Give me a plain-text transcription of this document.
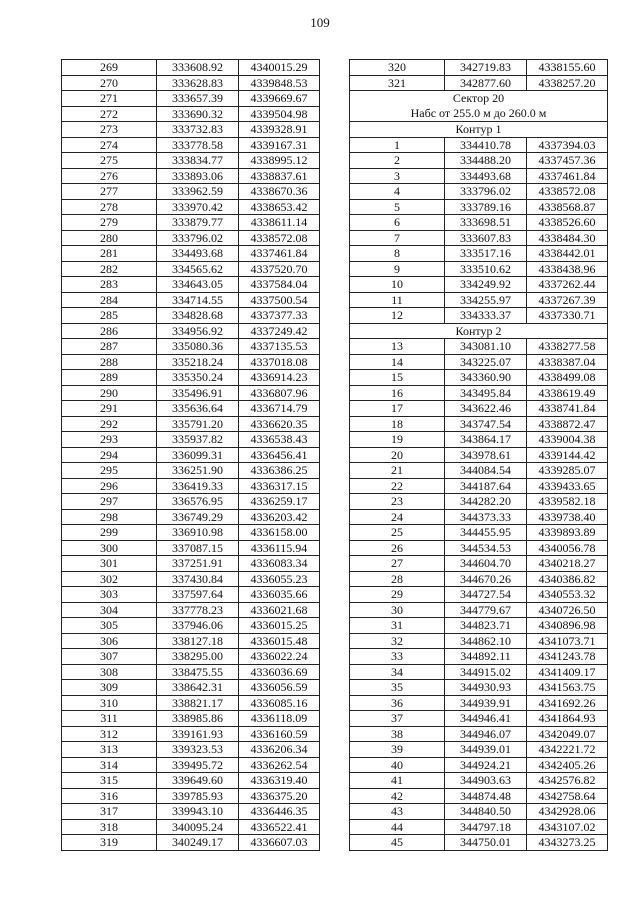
109
269	333608.92	4340015.29
270	333628.83	4339848.53
271	333657.39	4339669.67
272	333690.32	4339504.98
273	333732.83	4339328.91
274	333778.58	4339167.31
275	333834.77	4338995.12
276	333893.06	4338837.61
277	333962.59	4338670.36
278	333970.42	4338653.42
279	333879.77	4338611.14
280	333796.02	4338572.08
281	334493.68	4337461.84
282	334565.62	4337520.70
283	334643.05	4337584.04
284	334714.55	4337500.54
285	334828.68	4337377.33
286	334956.92	4337249.42
287	335080.36	4337135.53
288	335218.24	4337018.08
289	335350.24	4336914.23
290	335496.91	4336807.96
291	335636.64	4336714.79
292	335791.20	4336620.35
293	335937.82	4336538.43
294	336099.31	4336456.41
295	336251.90	4336386.25
296	336419.33	4336317.15
297	336576.95	4336259.17
298	336749.29	4336203.42
299	336910.98	4336158.00
300	337087.15	4336115.94
301	337251.91	4336083.34
302	337430.84	4336055.23
303	337597.64	4336035.66
304	337778.23	4336021.68
305	337946.06	4336015.25
306	338127.18	4336015.48
307	338295.00	4336022.24
308	338475.55	4336036.69
309	338642.31	4336056.59
310	338821.17	4336085.16
311	338985.86	4336118.09
312	339161.93	4336160.59
313	339323.53	4336206.34
314	339495.72	4336262.54
315	339649.60	4336319.40
316	339785.93	4336375.20
317	339943.10	4336446.35
318	340095.24	4336522.41
319	340249.17	4336607.03
320	342719.83	4338155.60
321	342877.60	4338257.20

Сектор 20
Набс от 255.0 м до 260.0 м		

Контур 1		
1	334410.78	4337394.03
2	334488.20	4337457.36
3	334493.68	4337461.84
4	333796.02	4338572.08
5	333789.16	4338568.87
6	333698.51	4338526.60
7	333607.83	4338484.30
8	333517.16	4338442.01
9	333510.62	4338438.96
10	334249.92	4337262.44
11	334255.97	4337267.39
12	334333.37	4337330.71
Контур 2		
13	343081.10	4338277.58
14	343225.07	4338387.04
15	343360.90	4338499.08
16	343495.84	4338619.49
17	343622.46	4338741.84
18	343747.54	4338872.47
19	343864.17	4339004.38
20	343978.61	4339144.42
21	344084.54	4339285.07
22	344187.64	4339433.65
23	344282.20	4339582.18
24	344373.33	4339738.40
25	344455.95	4339893.89
26	344534.53	4340056.78
27	344604.70	4340218.27
28	344670.26	4340386.82
29	344727.54	4340553.32
30	344779.67	4340726.50
31	344823.71	4340896.98
32	344862.10	4341073.71
33	344892.11	4341243.78
34	344915.02	4341409.17
35	344930.93	4341563.75
36	344939.91	4341692.26
37	344946.41	4341864.93
38	344946.07	4342049.07
39	344939.01	4342221.72
40	344924.21	4342405.26
41	344903.63	4342576.82
42	344874.48	4342758.64
43	344840.50	4342928.06
44	344797.18	4343107.02
45	344750.01	4343273.25
